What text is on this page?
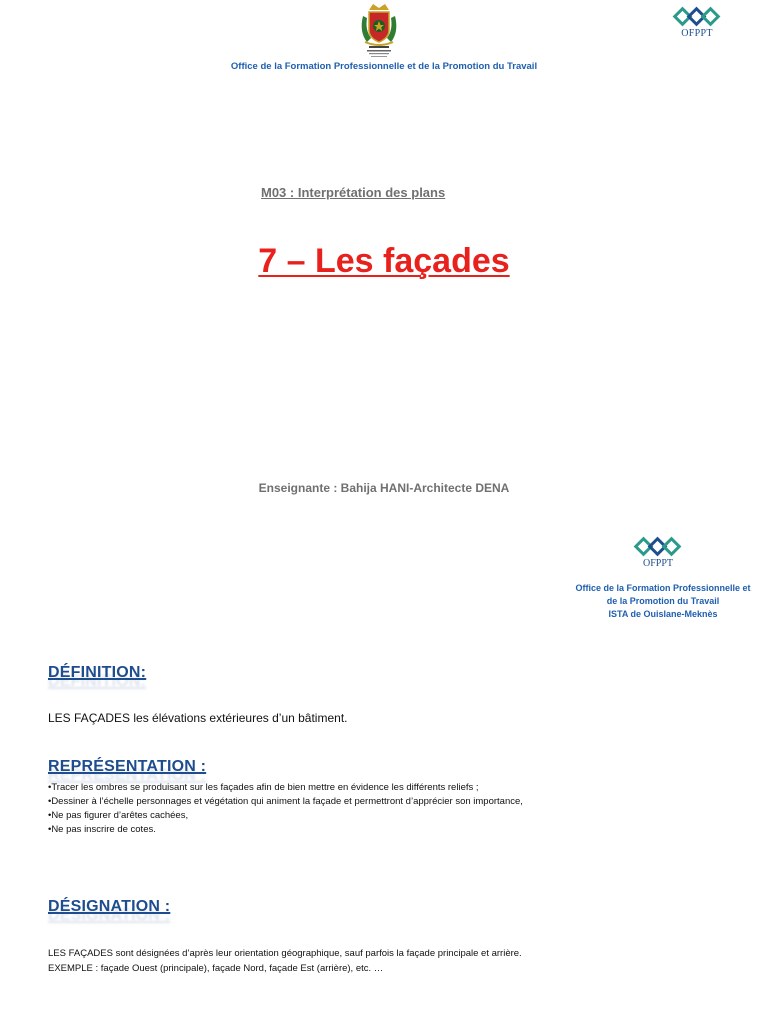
OFPPT
Office de la Formation Professionnelle et de la Promotion du Travail
M03 : Interprétation des plans
7 – Les façades
Enseignante : Bahija HANI-Architecte DENA
OFPPT
Office de la Formation Professionnelle et
de la Promotion du Travail
ISTA de Ouislane-Meknès
DÉFINITION:
LES FAÇADES les élévations extérieures d’un bâtiment.
REPRÉSENTATION :
•Tracer les ombres se produisant sur les façades afin de bien mettre en évidence les différents reliefs ;
•Dessiner à l’échelle personnages et végétation qui animent la façade et permettront d’apprécier son importance,
•Ne pas figurer d’arêtes cachées,
•Ne pas inscrire de cotes.
DÉSIGNATION :
LES FAÇADES sont désignées d’après leur orientation géographique, sauf parfois la façade principale et arrière.
EXEMPLE : façade Ouest (principale), façade Nord, façade Est (arrière), etc. …
